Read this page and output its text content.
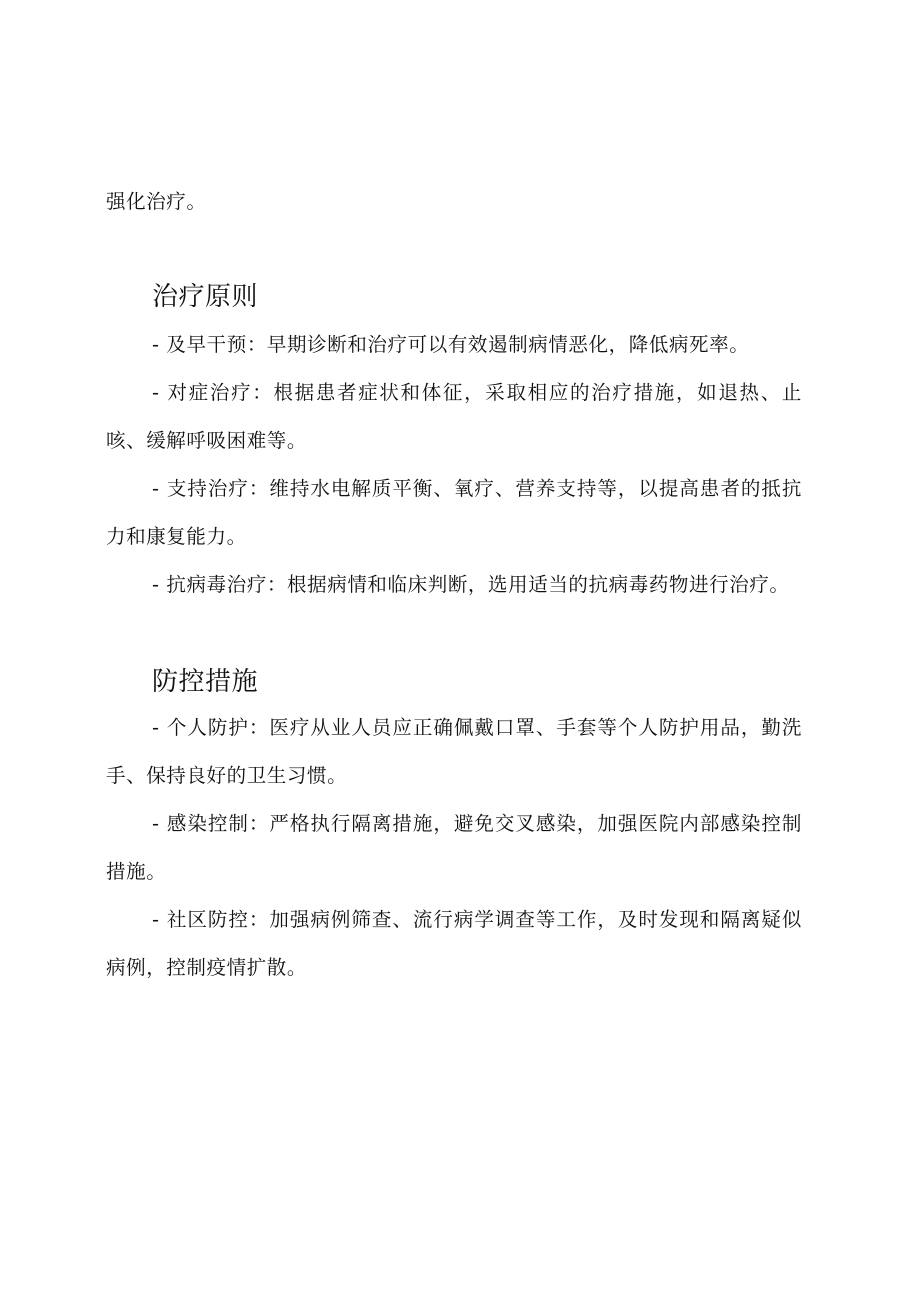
强化治疗。

治疗原则

- 及早干预：早期诊断和治疗可以有效遏制病情恶化，降低病死率。

- 对症治疗：根据患者症状和体征，采取相应的治疗措施，如退热、止咳、缓解呼吸困难等。

- 支持治疗：维持水电解质平衡、氧疗、营养支持等，以提高患者的抵抗力和康复能力。

- 抗病毒治疗：根据病情和临床判断，选用适当的抗病毒药物进行治疗。

防控措施

- 个人防护：医疗从业人员应正确佩戴口罩、手套等个人防护用品，勤洗手、保持良好的卫生习惯。

- 感染控制：严格执行隔离措施，避免交叉感染，加强医院内部感染控制措施。

- 社区防控：加强病例筛查、流行病学调查等工作，及时发现和隔离疑似病例，控制疫情扩散。
